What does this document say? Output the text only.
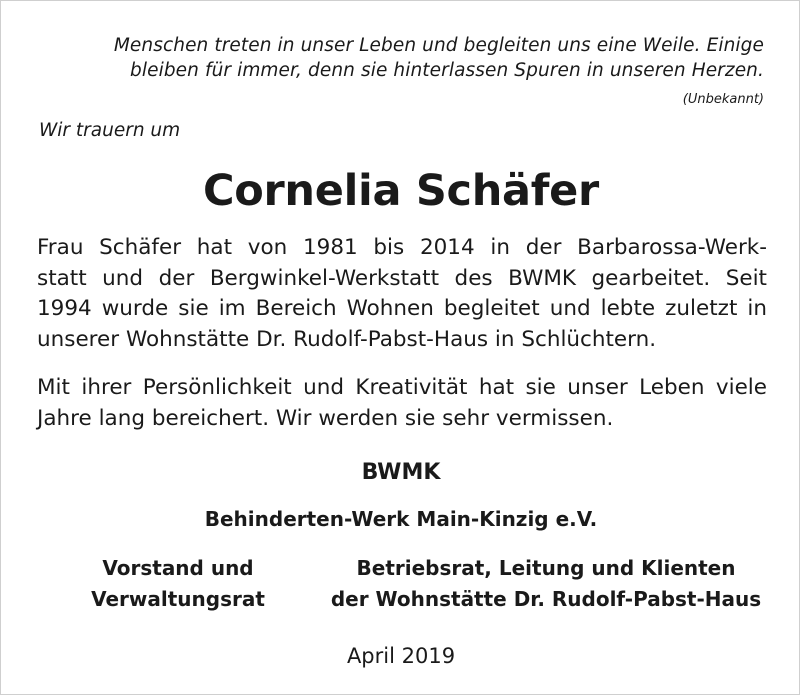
Menschen treten in unser Leben und begleiten uns eine Weile. Einige
bleiben für immer, denn sie hinterlassen Spuren in unseren Herzen.
(Unbekannt)
Wir trauern um
Cornelia Schäfer
Frau Schäfer hat von 1981 bis 2014 in der Barbarossa-Werk-
statt und der Bergwinkel-Werkstatt des BWMK gearbeitet. Seit
1994 wurde sie im Bereich Wohnen begleitet und lebte zuletzt in
unserer Wohnstätte Dr. Rudolf-Pabst-Haus in Schlüchtern.
Mit ihrer Persönlichkeit und Kreativität hat sie unser Leben viele
Jahre lang bereichert. Wir werden sie sehr vermissen.
BWMK
Behinderten-Werk Main-Kinzig e.V.
Vorstand und
Verwaltungsrat
Betriebsrat, Leitung und Klienten
der Wohnstätte Dr. Rudolf-Pabst-Haus
April 2019
